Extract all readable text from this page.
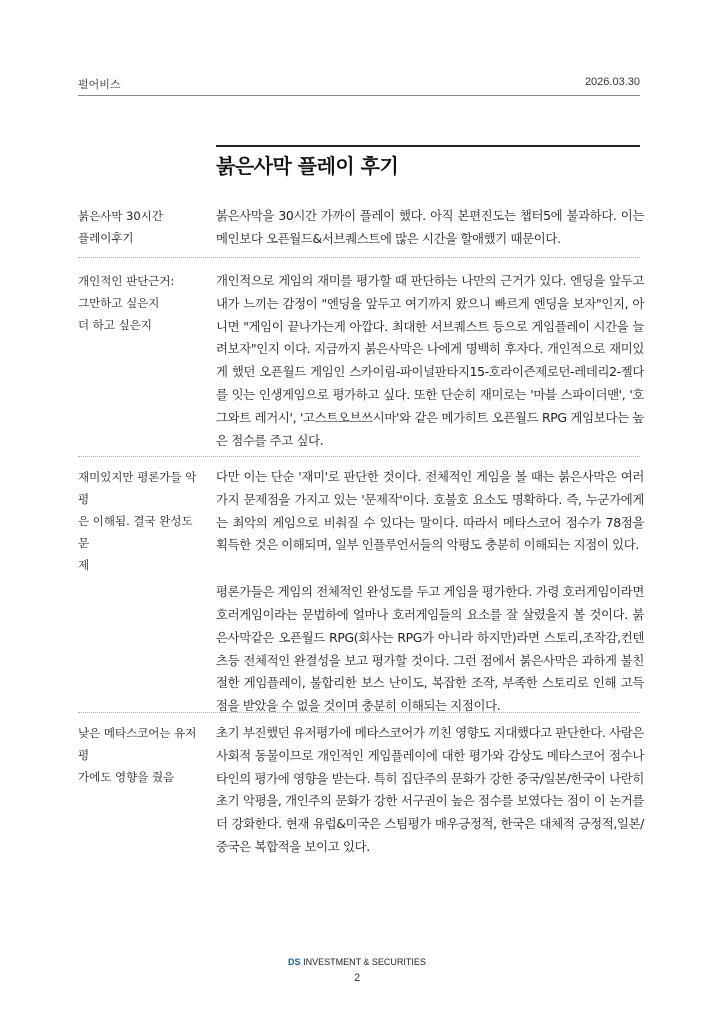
펄어비스	2026.03.30
붉은사막 플레이 후기
붉은사막 30시간
플레이후기

붉은사막을 30시간 가까이 플레이 했다. 아직 본편진도는 챕터5에 불과하다. 이는 메인보다 오픈월드&서브퀘스트에 많은 시간을 할애했기 때문이다.

개인적인 판단근거:
그만하고 싶은지
더 하고 싶은지

개인적으로 게임의 재미를 평가할 때 판단하는 나만의 근거가 있다. 엔딩을 앞두고 내가 느끼는 감정이 "엔딩을 앞두고 여기까지 왔으니 빠르게 엔딩을 보자"인지, 아니면 "게임이 끝나가는게 아깝다. 최대한 서브퀘스트 등으로 게임플레이 시간을 늘려보자"인지 이다. 지금까지 붉은사막은 나에게 명백히 후자다. 개인적으로 재미있게 했던 오픈월드 게임인 스카이림-파이널판타지15-호라이즌제로던-레데리2-젤다를 잇는 인생게임으로 평가하고 싶다. 또한 단순히 재미로는 '마블 스파이더맨', '호그와트 레거시', '고스트오브쓰시마'와 같은 메가히트 오픈월드 RPG 게임보다는 높은 점수를 주고 싶다.

재미있지만 평론가들 악평
은 이해됨. 결국 완성도 문
제

다만 이는 단순 '재미'로 판단한 것이다. 전체적인 게임을 볼 때는 붉은사막은 여러가지 문제점을 가지고 있는 '문제작'이다. 호불호 요소도 명확하다. 즉, 누군가에게는 최악의 게임으로 비춰질 수 있다는 말이다. 따라서 메타스코어 점수가 78점을 획득한 것은 이해되며, 일부 인플루언서들의 악평도 충분히 이해되는 지점이 있다.

평론가들은 게임의 전체적인 완성도를 두고 게임을 평가한다. 가령 호러게임이라면 호러게임이라는 문법하에 얼마나 호러게임들의 요소를 잘 살렸을지 볼 것이다. 붉은사막같은 오픈월드 RPG(회사는 RPG가 아니라 하지만)라면 스토리,조작감,컨텐츠등 전체적인 완결성을 보고 평가할 것이다. 그런 점에서 붉은사막은 과하게 불친절한 게임플레이, 불합리한 보스 난이도, 복잡한 조작, 부족한 스토리로 인해 고득점을 받았을 수 없을 것이며 충분히 이해되는 지점이다.

낮은 메타스코어는 유저평
가에도 영향을 줬음

초기 부진했던 유저평가에 메타스코어가 끼친 영향도 지대했다고 판단한다. 사람은 사회적 동물이므로 개인적인 게임플레이에 대한 평가와 감상도 메타스코어 점수나 타인의 평가에 영향을 받는다. 특히 집단주의 문화가 강한 중국/일본/한국이 나란히 초기 악평을, 개인주의 문화가 강한 서구권이 높은 점수를 보였다는 점이 이 논거를 더 강화한다. 현재 유럽&미국은 스팀평가 매우긍정적, 한국은 대체적 긍정적,일본/중국은 복합적을 보이고 있다.

DS INVESTMENT & SECURITIES
2
